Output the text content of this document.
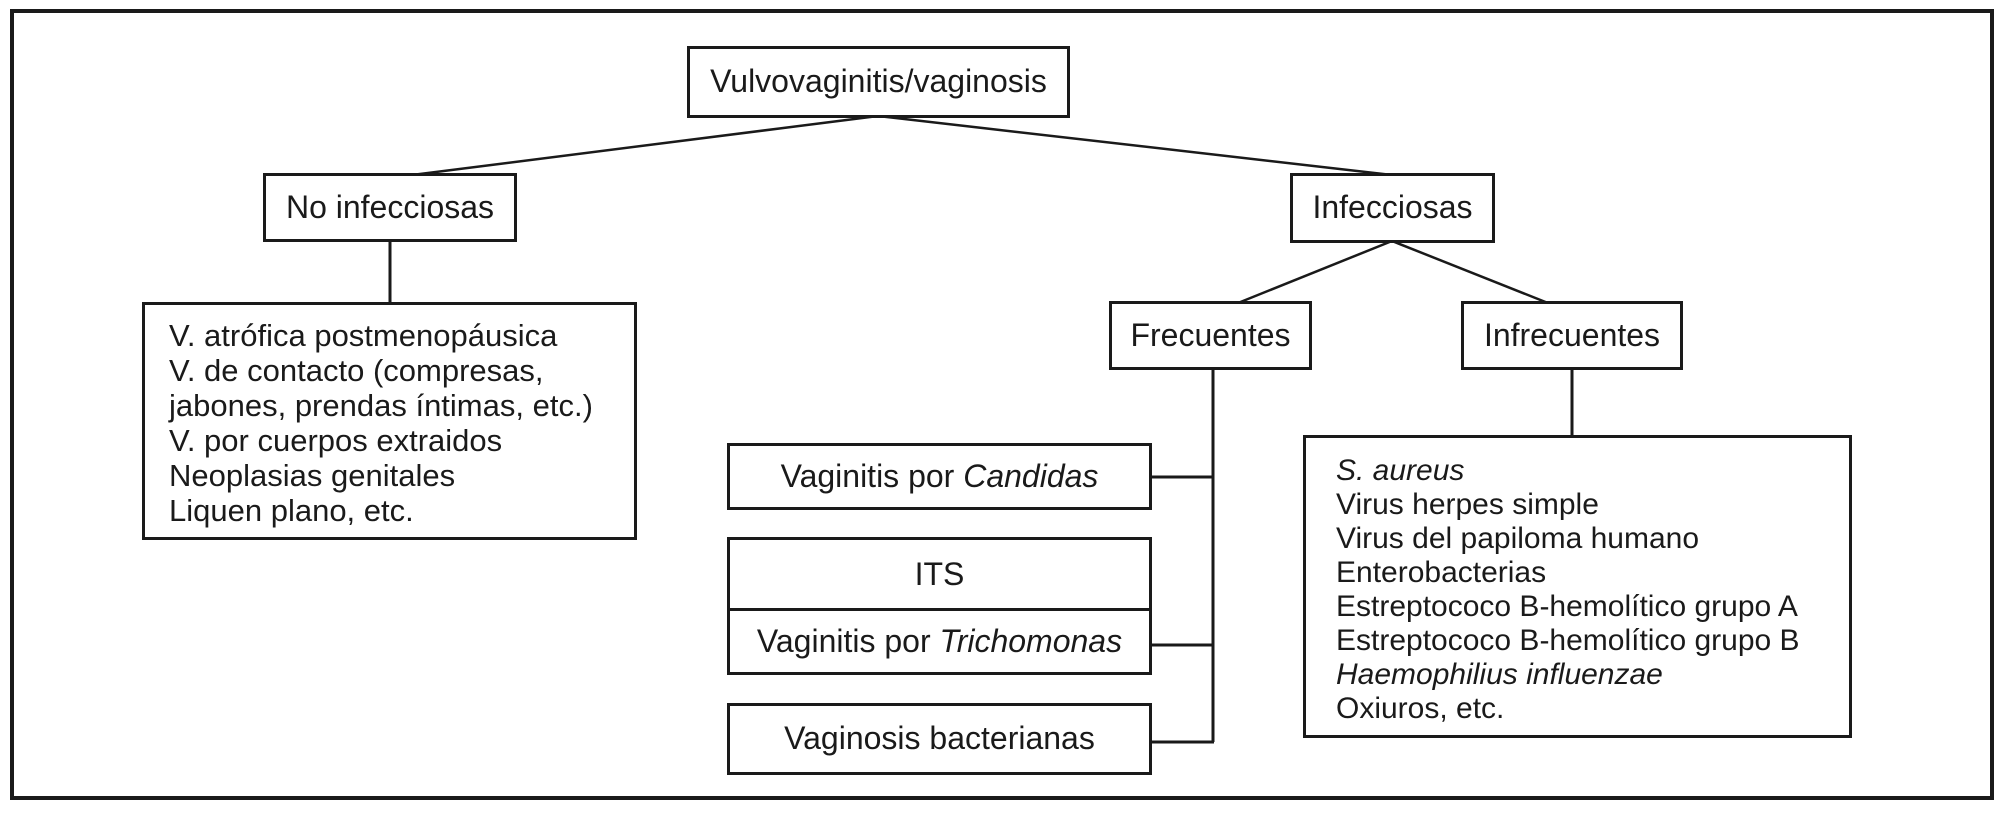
Vulvovaginitis/vaginosis
No infecciosas	Infecciosas
Frecuentes	Infrecuentes
V. atrófica postmenopáusica
V. de contacto (compresas,
jabones, prendas íntimas, etc.)
V. por cuerpos extraidos
Neoplasias genitales
Liquen plano, etc.
Vaginitis por Candidas
ITS
Vaginitis por Trichomonas
Vaginosis bacterianas
S. aureus
Virus herpes simple
Virus del papiloma humano
Enterobacterias
Estreptococo B-hemolítico grupo A
Estreptococo B-hemolítico grupo B
Haemophilius influenzae
Oxiuros, etc.
